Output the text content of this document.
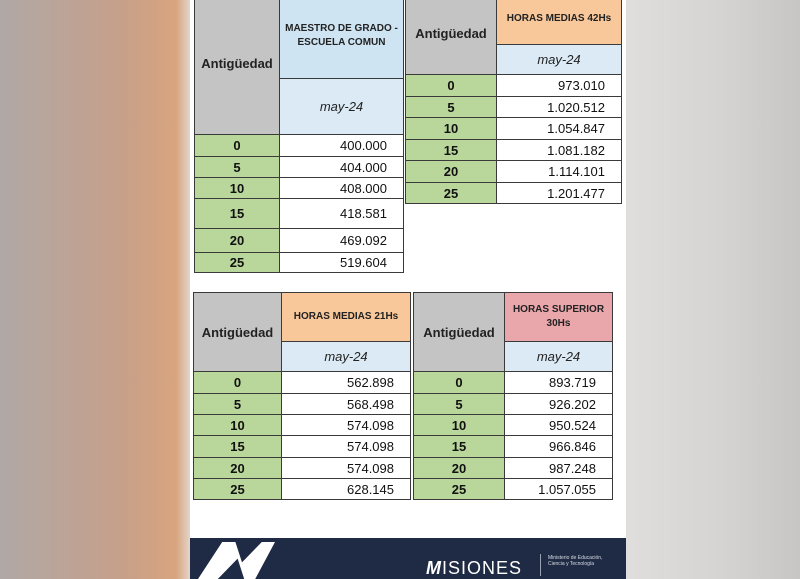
Antigüedad	MAESTRO DE GRADO - ESCUELA COMUN
	may-24
0	400.000
5	404.000
10	408.000
15	418.581
20	469.092
25	519.604
Antigüedad	HORAS MEDIAS 42Hs
	may-24
0	973.010
5	1.020.512
10	1.054.847
15	1.081.182
20	1.114.101
25	1.201.477
Antigüedad	HORAS MEDIAS 21Hs
	may-24
0	562.898
5	568.498
10	574.098
15	574.098
20	574.098
25	628.145
Antigüedad	HORAS SUPERIOR 30Hs
	may-24
0	893.719
5	926.202
10	950.524
15	966.846
20	987.248
25	1.057.055
MISIONES	Ministerio de Educación,
Ciencia y Tecnología
